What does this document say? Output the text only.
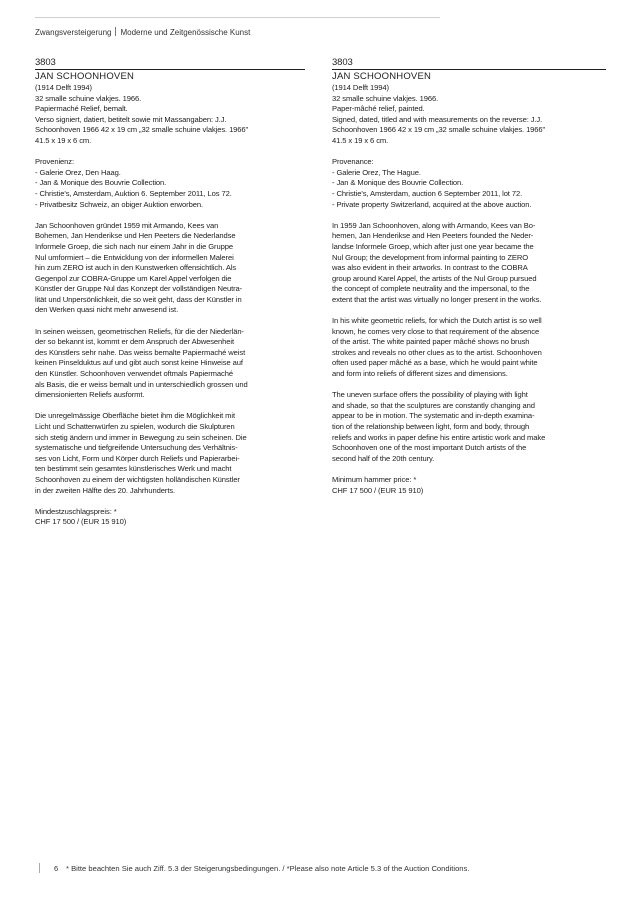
Zwangsversteigerung Moderne und Zeitgenössische Kunst
3803
JAN SCHOONHOVEN
(1914 Delft 1994)
32 smalle schuine vlakjes. 1966.
Papiermaché Relief, bemalt.
Verso signiert, datiert, betitelt sowie mit Massangaben: J.J.
Schoonhoven 1966 42 x 19 cm „32 smalle schuine vlakjes. 1966"
41.5 x 19 x 6 cm.
Provenienz:
- Galerie Orez, Den Haag.
- Jan & Monique des Bouvrie Collection.
- Christie's, Amsterdam, Auktion 6. September 2011, Los 72.
- Privatbesitz Schweiz, an obiger Auktion erworben.
Jan Schoonhoven gründet 1959 mit Armando, Kees van
Bohemen, Jan Henderikse und Hen Peeters die Nederlandse
Informele Groep, die sich nach nur einem Jahr in die Gruppe
Nul umformiert – die Entwicklung von der informellen Malerei
hin zum ZERO ist auch in den Kunstwerken offensichtlich. Als
Gegenpol zur COBRA-Gruppe um Karel Appel verfolgen die
Künstler der Gruppe Nul das Konzept der vollständigen Neutra-
lität und Unpersönlichkeit, die so weit geht, dass der Künstler in
den Werken quasi nicht mehr anwesend ist.
In seinen weissen, geometrischen Reliefs, für die der Niederlän-
der so bekannt ist, kommt er dem Anspruch der Abwesenheit
des Künstlers sehr nahe. Das weiss bemalte Papiermaché weist
keinen Pinselduktus auf und gibt auch sonst keine Hinweise auf
den Künstler. Schoonhoven verwendet oftmals Papiermaché
als Basis, die er weiss bemalt und in unterschiedlich grossen und
dimensionierten Reliefs ausformt.
Die unregelmässige Oberfläche bietet ihm die Möglichkeit mit
Licht und Schattenwürfen zu spielen, wodurch die Skulpturen
sich stetig ändern und immer in Bewegung zu sein scheinen. Die
systematische und tiefgreifende Untersuchung des Verhältnis-
ses von Licht, Form und Körper durch Reliefs und Papierarbei-
ten bestimmt sein gesamtes künstlerisches Werk und macht
Schoonhoven zu einem der wichtigsten holländischen Künstler
in der zweiten Hälfte des 20. Jahrhunderts.
Mindestzuschlagspreis: *
CHF 17 500 / (EUR 15 910)
3803
JAN SCHOONHOVEN
(1914 Delft 1994)
32 smalle schuine vlakjes. 1966.
Paper-mâché relief, painted.
Signed, dated, titled and with measurements on the reverse: J.J.
Schoonhoven 1966 42 x 19 cm „32 smalle schuine vlakjes. 1966"
41.5 x 19 x 6 cm.
Provenance:
- Galerie Orez, The Hague.
- Jan & Monique des Bouvrie Collection.
- Christie's, Amsterdam, auction 6 September 2011, lot 72.
- Private property Switzerland, acquired at the above auction.
In 1959 Jan Schoonhoven, along with Armando, Kees van Bo-
hemen, Jan Henderikse and Hen Peeters founded the Neder-
landse Informele Groep, which after just one year became the
Nul Group; the development from informal painting to ZERO
was also evident in their artworks. In contrast to the COBRA
group around Karel Appel, the artists of the Nul Group pursued
the concept of complete neutrality and the impersonal, to the
extent that the artist was virtually no longer present in the works.
In his white geometric reliefs, for which the Dutch artist is so well
known, he comes very close to that requirement of the absence
of the artist. The white painted paper mâché shows no brush
strokes and reveals no other clues as to the artist. Schoonhoven
often used paper mâché as a base, which he would paint white
and form into reliefs of different sizes and dimensions.
The uneven surface offers the possibility of playing with light
and shade, so that the sculptures are constantly changing and
appear to be in motion. The systematic and in-depth examina-
tion of the relationship between light, form and body, through
reliefs and works in paper define his entire artistic work and make
Schoonhoven one of the most important Dutch artists of the
second half of the 20th century.
Minimum hammer price: *
CHF 17 500 / (EUR 15 910)
6 * Bitte beachten Sie auch Ziff. 5.3 der Steigerungsbedingungen. / *Please also note Article 5.3 of the Auction Conditions.
